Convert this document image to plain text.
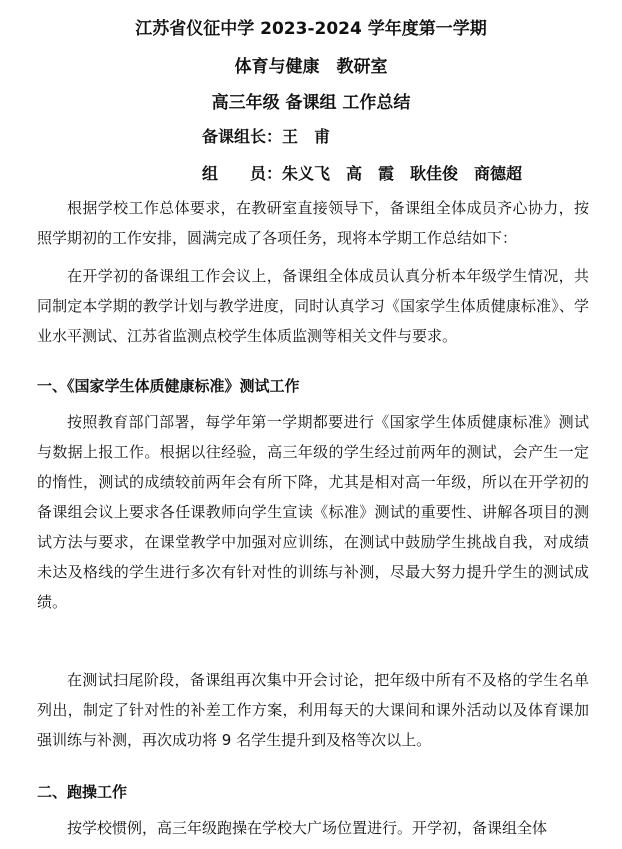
江苏省仪征中学 2023-2024 学年度第一学期
体育与健康　教研室
高三年级 备课组 工作总结
备课组长：王　甫
组　　员：朱义飞　高　霞　耿佳俊　商德超
根据学校工作总体要求，在教研室直接领导下，备课组全体成员齐心协力，按照学期初的工作安排，圆满完成了各项任务，现将本学期工作总结如下：
在开学初的备课组工作会议上，备课组全体成员认真分析本年级学生情况，共同制定本学期的教学计划与教学进度，同时认真学习《国家学生体质健康标准》、学业水平测试、江苏省监测点校学生体质监测等相关文件与要求。
一、《国家学生体质健康标准》测试工作
按照教育部门部署，每学年第一学期都要进行《国家学生体质健康标准》测试与数据上报工作。根据以往经验，高三年级的学生经过前两年的测试，会产生一定的惰性，测试的成绩较前两年会有所下降，尤其是相对高一年级，所以在开学初的备课组会议上要求各任课教师向学生宣读《标准》测试的重要性、讲解各项目的测试方法与要求，在课堂教学中加强对应训练，在测试中鼓励学生挑战自我，对成绩未达及格线的学生进行多次有针对性的训练与补测，尽最大努力提升学生的测试成绩。
在测试扫尾阶段，备课组再次集中开会讨论，把年级中所有不及格的学生名单列出，制定了针对性的补差工作方案，利用每天的大课间和课外活动以及体育课加强训练与补测，再次成功将 9 名学生提升到及格等次以上。
二、跑操工作
按学校惯例，高三年级跑操在学校大广场位置进行。开学初，备课组全体
